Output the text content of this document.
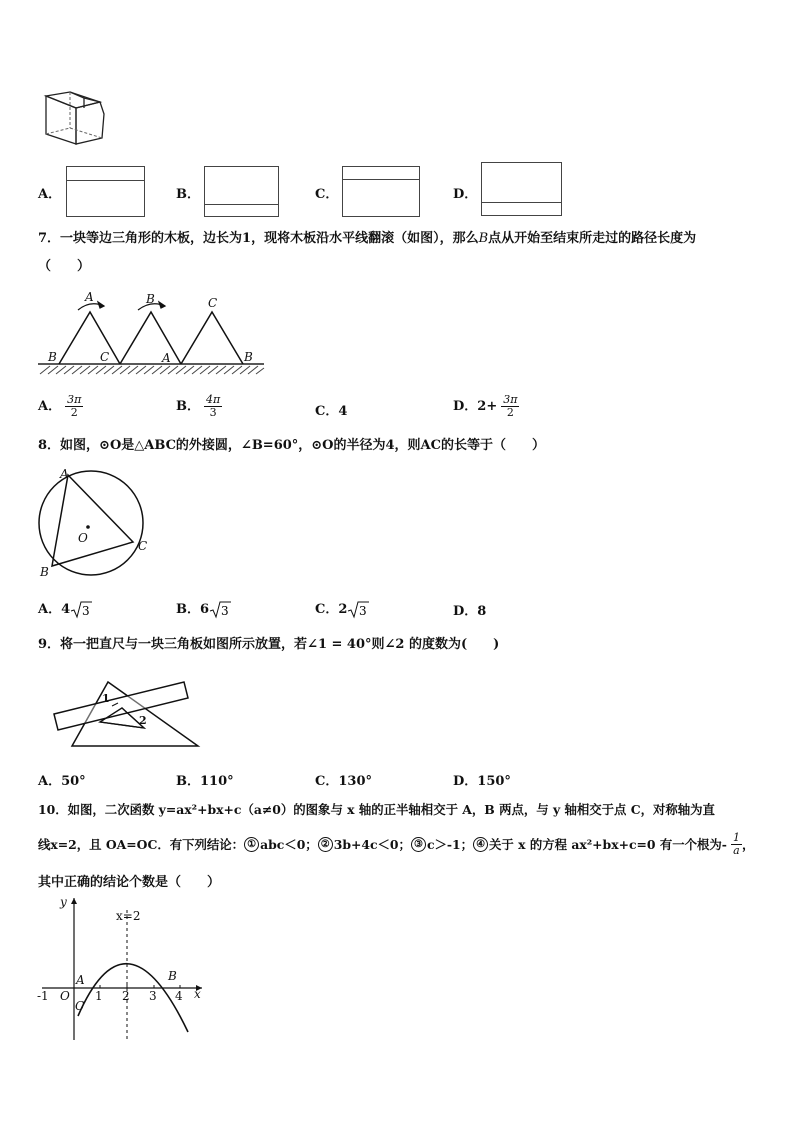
A．	B．	C．	D．
7．一块等边三角形的木板，边长为1，现将木板沿水平线翻滚（如图），那么B点从开始至结束所走过的路径长度为
（　　）
A
B	C
B	C
A	B
A． $\frac{3\pi}{2}$	B． $\frac{4\pi}{3}$	C．4	D．$2+ \frac{3\pi}{2}$
8．如图，⊙O是△ABC的外接圆，∠B=60°，⊙O的半径为4，则AC的长等于（　　）
A
O
C
B
A．4 3	B．6 3	C．2 3	D．8
9．将一把直尺与一块三角板如图所示放置，若∠1 = 40°则∠2 的度数为(　　)
1
2
A．50°	B．110°	C．130°	D．150°
10．如图，二次函数 y=ax²+bx+c（a≠0）的图象与 x 轴的正半轴相交于 A，B 两点，与 y 轴相交于点 C，对称轴为直
线x=2，且 OA=OC．有下列结论： ① abc＜0； ② 3b+4c＜0； ③ c＞-1； ④ 关于 x 的方程 ax²+bx+c=0 有一个根为- $\frac{1}{a}$ ，
其中正确的结论个数是（　　）
y
x
x=2
-1 O 1 2 3 4
A	B
C
